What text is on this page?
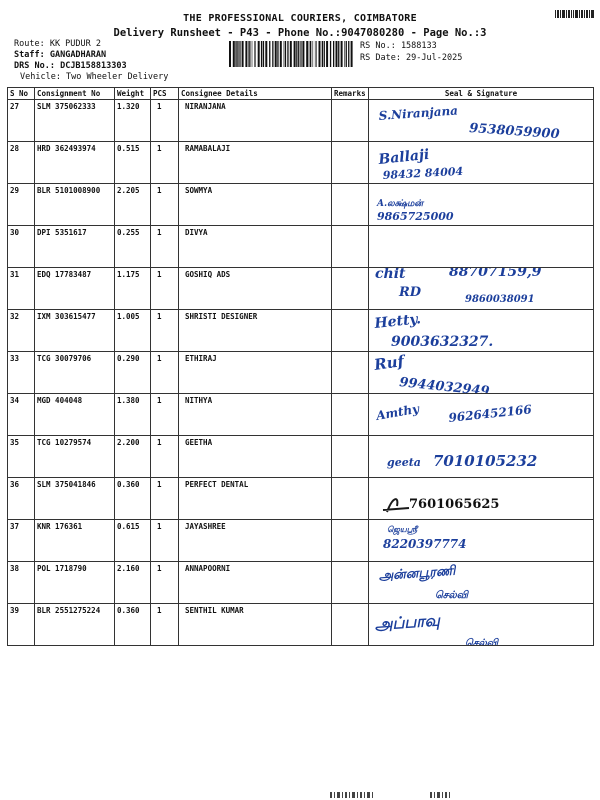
THE PROFESSIONAL COURIERS, COIMBATORE
Delivery Runsheet - P43 - Phone No.:9047080280 - Page No.:3
Route: KK PUDUR 2
Staff: GANGADHARAN
DRS No.: DCJB158813303
Vehicle: Two Wheeler Delivery
RS No.: 1588133
RS Date: 29-Jul-2025
S No	Consignment No	Weight	PCS	Consignee Details	Remarks	Seal & Signature
27	SLM 375062333	1.320	1	NIRANJANA		S.Niranjana
9538059900

28	HRD 362493974	0.515	1	RAMABALAJI		Ballaji
98432 84004

29	BLR 5101008900	2.205	1	SOWMYA		A.லக்ஷ்மன்
9865725000

30	DPI 5351617	0.255	1	DIVYA		

31	EDQ 17783487	1.175	1	GOSHIQ ADS		chit 88707159,9
RD 9860038091

32	IXM 303615477	1.005	1	SHRISTI DESIGNER		Hetty.
9003632327.

33	TCG 30079706	0.290	1	ETHIRAJ		Ruf
9944032949

34	MGD 404048	1.380	1	NITHYA		Amthy 9626452166

35	TCG 10279574	2.200	1	GEETHA		geeta 7010105232

36	SLM 375041846	0.360	1	PERFECT DENTAL		7601065625

37	KNR 176361	0.615	1	JAYASHREE		ஜெயஸ்ரீ
8220397774

38	POL 1718790	2.160	1	ANNAPOORNI		அன்னபூரணி
செல்வி

39	BLR 2551275224	0.360	1	SENTHIL KUMAR		அப்பாவு
செல்வி
